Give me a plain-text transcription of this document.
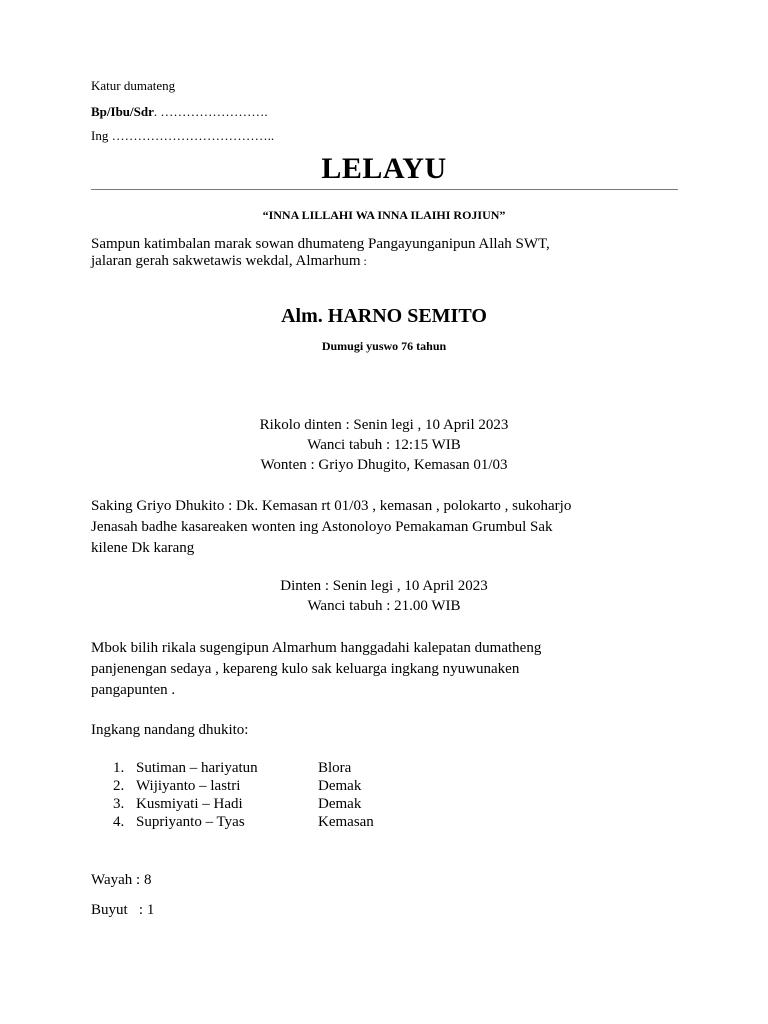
Katur dumateng
Bp/Ibu/Sdr. …………………….
Ing ………………………………..
LELAYU
“INNA LILLAHI WA INNA ILAIHI ROJIUN”
Sampun katimbalan marak sowan dhumateng Pangayunganipun Allah SWT,
jalaran gerah sakwetawis wekdal, Almarhum :
Alm. HARNO SEMITO
Dumugi yuswo 76 tahun
Rikolo dinten : Senin legi , 10 April 2023
Wanci tabuh : 12:15 WIB
Wonten : Griyo Dhugito, Kemasan 01/03
Saking Griyo Dhukito : Dk. Kemasan rt 01/03 , kemasan , polokarto , sukoharjo
Jenasah badhe kasareaken wonten ing Astonoloyo Pemakaman Grumbul Sak
kilene Dk karang
Dinten : Senin legi , 10 April 2023
Wanci tabuh : 21.00 WIB
Mbok bilih rikala sugengipun Almarhum hanggadahi kalepatan dumatheng
panjenengan sedaya , kepareng kulo sak keluarga ingkang nyuwunaken
pangapunten .
Ingkang nandang dhukito:
1. Sutiman – hariyatun	Blora
2. Wijiyanto – lastri	Demak
3. Kusmiyati – Hadi	Demak
4. Supriyanto – Tyas	Kemasan
Wayah : 8
Buyut   : 1
